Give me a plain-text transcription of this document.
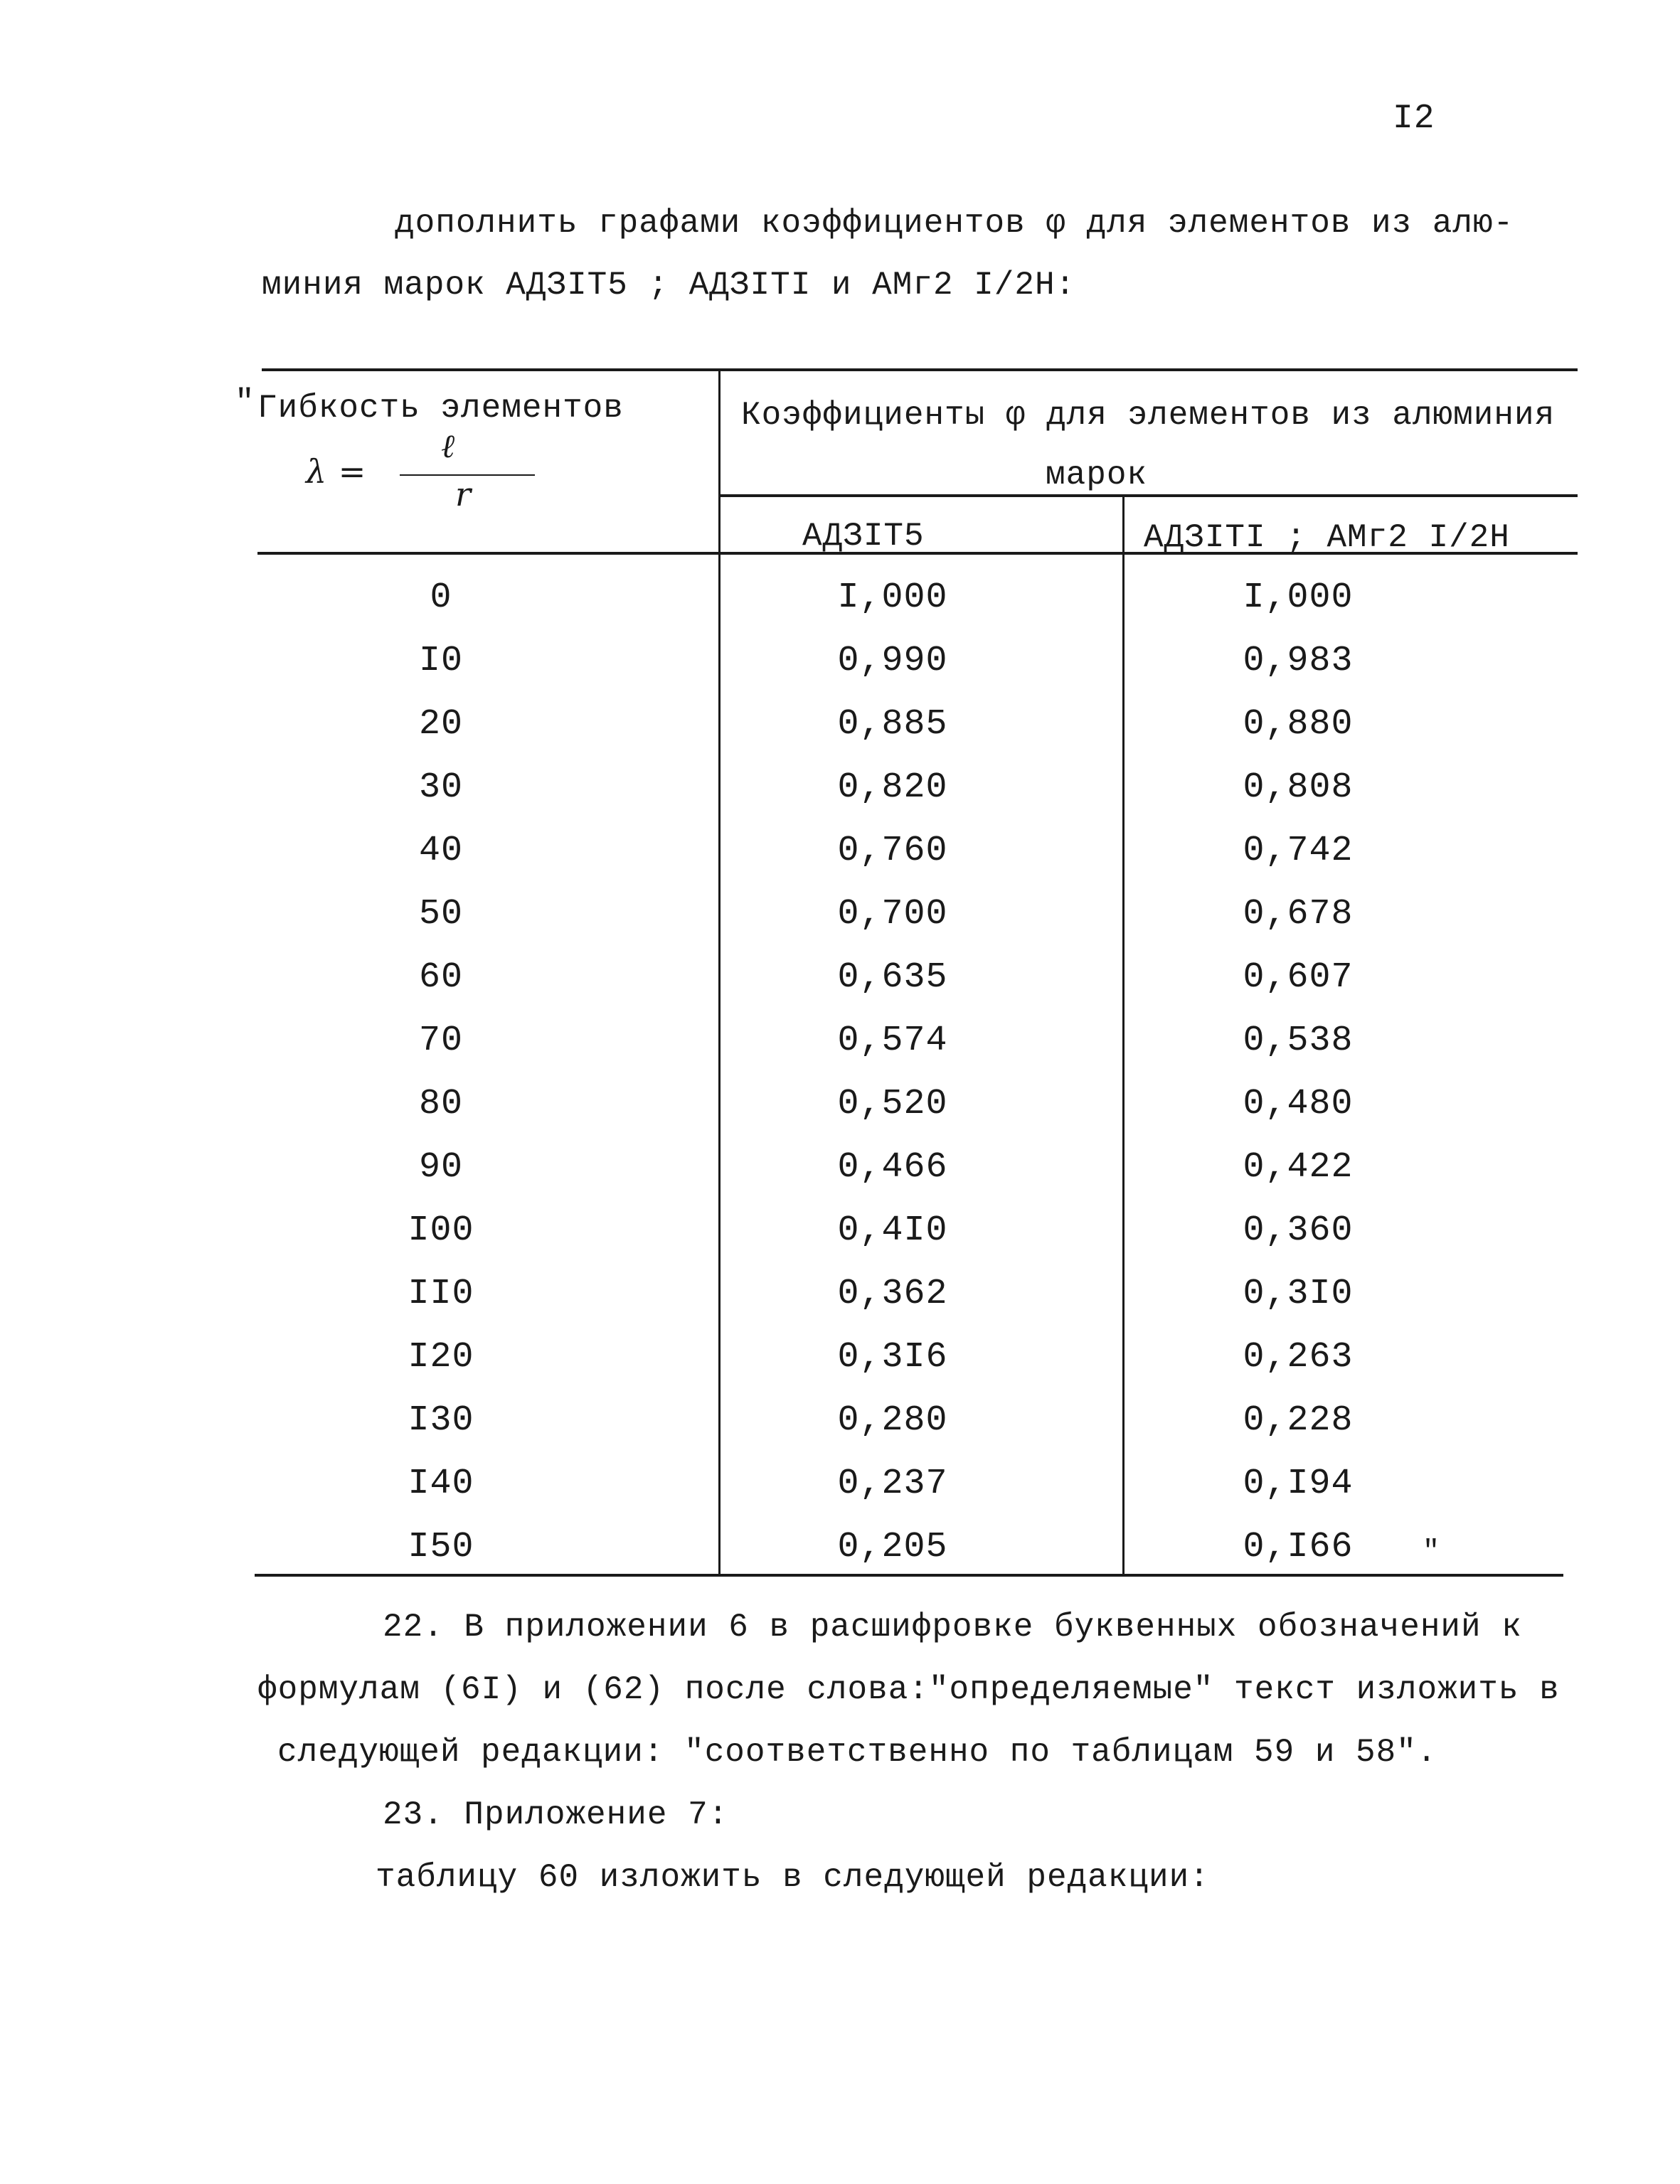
I2
дополнить графами коэффициентов φ для элементов из алю-
миния марок АДЗIТ5 ; АДЗIТI и АМг2 I/2Н:
" Гибкость элементов
λ =
ℓ
r
Коэффициенты φ для элементов из алюминия
марок
АДЗIТ5	АДЗIТI ; АМг2 I/2Н
0	I,000	I,000
I0	0,990	0,983
20	0,885	0,880
30	0,820	0,808
40	0,760	0,742
50	0,700	0,678
60	0,635	0,607
70	0,574	0,538
80	0,520	0,480
90	0,466	0,422
I00	0,4I0	0,360
II0	0,362	0,3I0
I20	0,3I6	0,263
I30	0,280	0,228
I40	0,237	0,I94
I50	0,205	0,I66	"
22. В приложении 6 в расшифровке буквенных обозначений к
формулам (6I) и (62) после слова:"определяемые" текст изложить в
следующей редакции: "соответственно по таблицам 59 и 58".
23. Приложение 7:
таблицу 60 изложить в следующей редакции:
